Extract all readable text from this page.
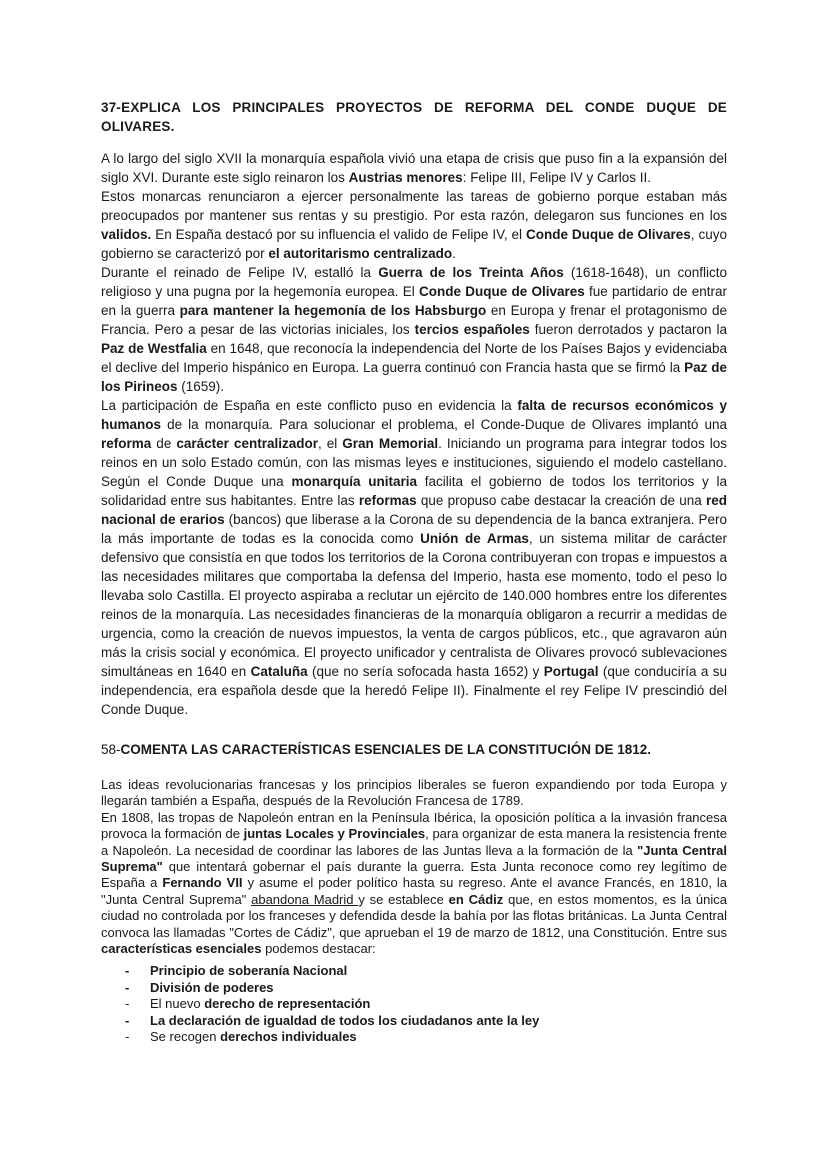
37-EXPLICA LOS PRINCIPALES PROYECTOS DE REFORMA DEL CONDE DUQUE DE OLIVARES.

A lo largo del siglo XVII la monarquía española vivió una etapa de crisis que puso fin a la expansión del siglo XVI. Durante este siglo reinaron los Austrias menores: Felipe III, Felipe IV y Carlos II.

Estos monarcas renunciaron a ejercer personalmente las tareas de gobierno porque estaban más preocupados por mantener sus rentas y su prestigio. Por esta razón, delegaron sus funciones en los validos. En España destacó por su influencia el valido de Felipe IV, el Conde Duque de Olivares, cuyo gobierno se caracterizó por el autoritarismo centralizado.

Durante el reinado de Felipe IV, estalló la Guerra de los Treinta Años (1618-1648), un conflicto religioso y una pugna por la hegemonía europea. El Conde Duque de Olivares fue partidario de entrar en la guerra para mantener la hegemonía de los Habsburgo en Europa y frenar el protagonismo de Francia. Pero a pesar de las victorias iniciales, los tercios españoles fueron derrotados y pactaron la Paz de Westfalia en 1648, que reconocía la independencia del Norte de los Países Bajos y evidenciaba el declive del Imperio hispánico en Europa. La guerra continuó con Francia hasta que se firmó la Paz de los Pirineos (1659).

La participación de España en este conflicto puso en evidencia la falta de recursos económicos y humanos de la monarquía. Para solucionar el problema, el Conde-Duque de Olivares implantó una reforma de carácter centralizador, el Gran Memorial. Iniciando un programa para integrar todos los reinos en un solo Estado común, con las mismas leyes e instituciones, siguiendo el modelo castellano. Según el Conde Duque una monarquía unitaria facilita el gobierno de todos los territorios y la solidaridad entre sus habitantes. Entre las reformas que propuso cabe destacar la creación de una red nacional de erarios (bancos) que liberase a la Corona de su dependencia de la banca extranjera. Pero la más importante de todas es la conocida como Unión de Armas, un sistema militar de carácter defensivo que consistía en que todos los territorios de la Corona contribuyeran con tropas e impuestos a las necesidades militares que comportaba la defensa del Imperio, hasta ese momento, todo el peso lo llevaba solo Castilla. El proyecto aspiraba a reclutar un ejército de 140.000 hombres entre los diferentes reinos de la monarquía. Las necesidades financieras de la monarquía obligaron a recurrir a medidas de urgencia, como la creación de nuevos impuestos, la venta de cargos públicos, etc., que agravaron aún más la crisis social y económica. El proyecto unificador y centralista de Olivares provocó sublevaciones simultáneas en 1640 en Cataluña (que no sería sofocada hasta 1652) y Portugal (que conduciría a su independencia, era española desde que la heredó Felipe II). Finalmente el rey Felipe IV prescindió del Conde Duque.

58-COMENTA LAS CARACTERÍSTICAS ESENCIALES DE LA CONSTITUCIÓN DE 1812.

Las ideas revolucionarias francesas y los principios liberales se fueron expandiendo por toda Europa y llegarán también a España, después de la Revolución Francesa de 1789.

En 1808, las tropas de Napoleón entran en la Península Ibérica, la oposición política a la invasión francesa provoca la formación de juntas Locales y Provinciales, para organizar de esta manera la resistencia frente a Napoleón. La necesidad de coordinar las labores de las Juntas lleva a la formación de la "Junta Central Suprema" que intentará gobernar el país durante la guerra. Esta Junta reconoce como rey legítimo de España a Fernando VII y asume el poder político hasta su regreso. Ante el avance Francés, en 1810, la "Junta Central Suprema" abandona Madrid y se establece en Cádiz que, en estos momentos, es la única ciudad no controlada por los franceses y defendida desde la bahía por las flotas británicas. La Junta Central convoca las llamadas "Cortes de Cádiz", que aprueban el 19 de marzo de 1812, una Constitución. Entre sus características esenciales podemos destacar:

- Principio de soberanía Nacional
- División de poderes
- El nuevo derecho de representación
- La declaración de igualdad de todos los ciudadanos ante la ley
- Se recogen derechos individuales
